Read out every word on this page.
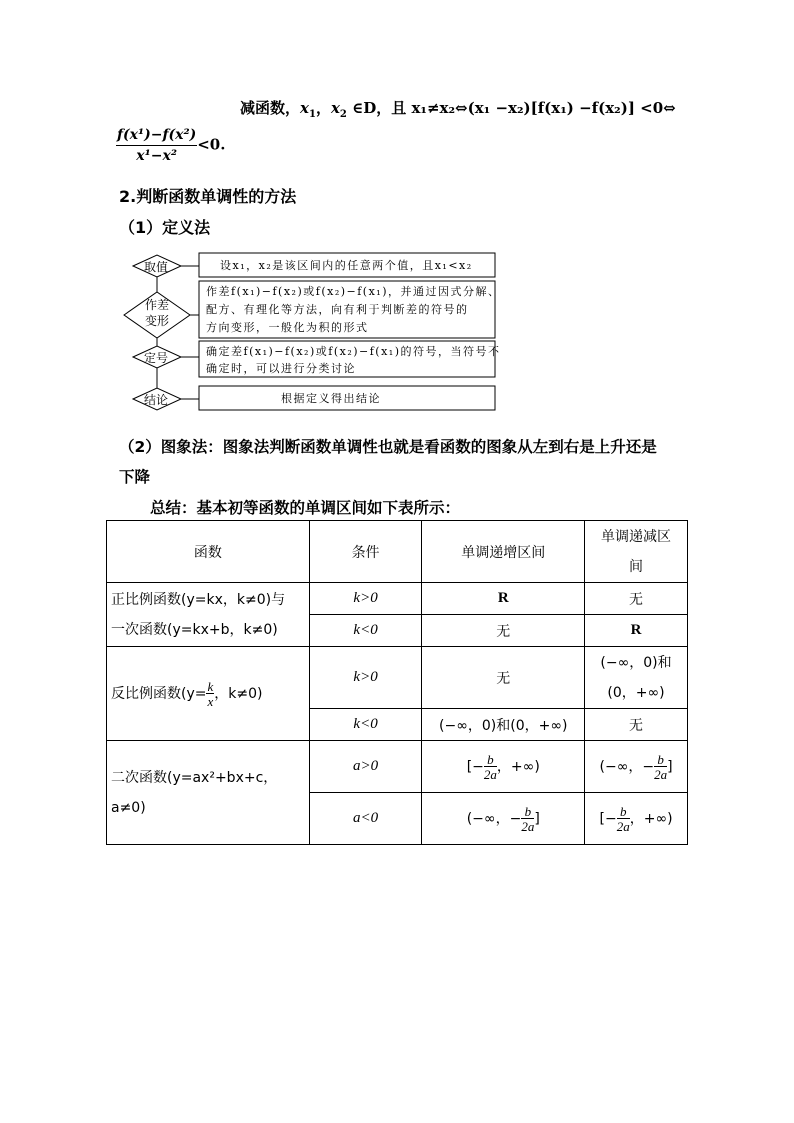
减函数，$x_1$，$x_2$ ∈D，且 x₁≠x₂⇔(x₁ −x₂)[f(x₁) −f(x₂)] <0⇔
$\frac{\text{f(x¹)−f(x²)}}{\text{x¹−x²}} <0$.
2.判断函数单调性的方法
（1）定义法
取值
作差
变形
定号
结论
设x₁，x₂是该区间内的任意两个值，且x₁<x₂
作差f(x₁)−f(x₂)或f(x₂)−f(x₁)，并通过因式分解、
配方、有理化等方法，向有利于判断差的符号的
方向变形，一般化为积的形式
确定差f(x₁)−f(x₂)或f(x₂)−f(x₁)的符号，当符号不
确定时，可以进行分类讨论
根据定义得出结论
（2）图象法：图象法判断函数单调性也就是看函数的图象从左到右是上升还是
下降
总结：基本初等函数的单调区间如下表所示：
函数	条件	单调递增区间	单调递减区
间
正比例函数(y=kx，k≠0)与
一次函数(y=kx+b，k≠0)	k>0	R	无
	k<0	无	R
反比例函数($y= \frac{k}{x}$ ，k≠0)	k>0	无	(−∞，0)和
(0，+∞)
	k<0	(−∞，0)和(0，+∞)	无
二次函数(y=ax²+bx+c，
a≠0)	a>0	[− $\frac{b}{2a}$ ，+∞)	(−∞，− $\frac{b}{2a}$ ]
	a<0	(−∞，− $\frac{b}{2a}$ ]	[− $\frac{b}{2a}$ ，+∞)
